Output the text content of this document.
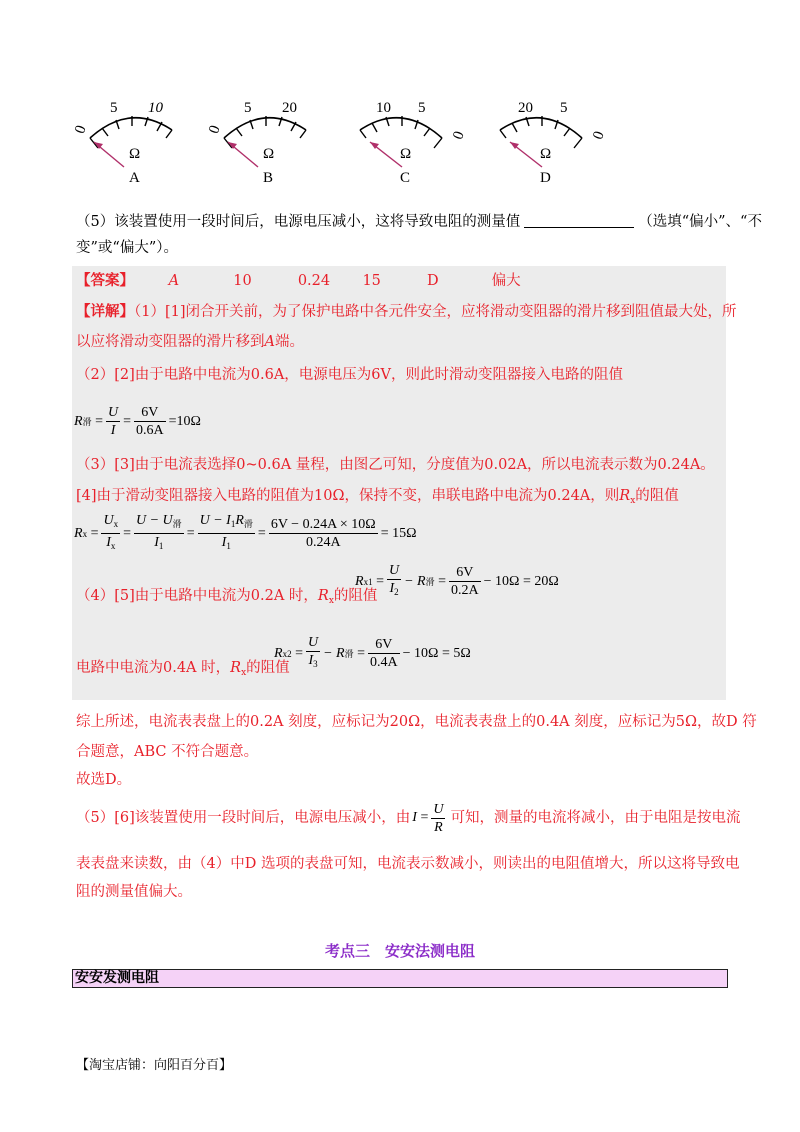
0
5 10
Ω
A
0
5 20
Ω
B
10 5
0
Ω
C
20 5
0
Ω
D
（5）该装置使用一段时间后，电源电压减小，这将导致电阻的测量值	（选填“偏小”、“不
变”或“偏大”）。
【答案】 A	10	0.24 15	D	偏大
【详解】（1）[1]闭合开关前，为了保护电路中各元件安全，应将滑动变阻器的滑片移到阻值最大处，所
以应将滑动变阻器的滑片移到A端。
（2）[2]由于电路中电流为0.6A，电源电压为6V，则此时滑动变阻器接入电路的阻值
R 滑 = $\frac{U}{I} = \frac{6V}{0.6A} =10\Omega$
（3）[3]由于电流表选择0~0.6A 量程，由图乙可知，分度值为0.02A，所以电流表示数为0.24A。
[4]由于滑动变阻器接入电路的阻值为10Ω，保持不变，串联电路中电流为0.24A，则$R_x$的阻值
R $x = \frac{U_x}{I_x} = \frac{U - U_滑}{I_1} = \frac{U - I_1R_滑}{I_1} = \frac{6V - 0.24A \times 10\Omega}{0.24A} = 15\Omega$
（4）[5]由于电路中电流为0.2A 时，$R_x$的阻值
R $x1 = \frac{U}{I_2} - R$ 滑 = $\frac{6V}{0.2A} - 10\Omega = 20\Omega$
R $x2 = \frac{U}{I_3} - R$ 滑 = $\frac{6V}{0.4A} - 10\Omega = 5\Omega$
电路中电流为0.4A 时，$R_x$的阻值
综上所述，电流表表盘上的0.2A 刻度，应标记为20Ω，电流表表盘上的0.4A 刻度，应标记为5Ω，故D 符
合题意，ABC 不符合题意。
故选D。
（5）[6]该装置使用一段时间后，电源电压减小，由 $I = \frac{U}{R}$ 可知，测量的电流将减小，由于电阻是按电流
表表盘来读数，由（4）中D 选项的表盘可知，电流表示数减小，则读出的电阻值增大，所以这将导致电
阻的测量值偏大。
考点三　安安法测电阻
安安发测电阻
【淘宝店铺：向阳百分百】
